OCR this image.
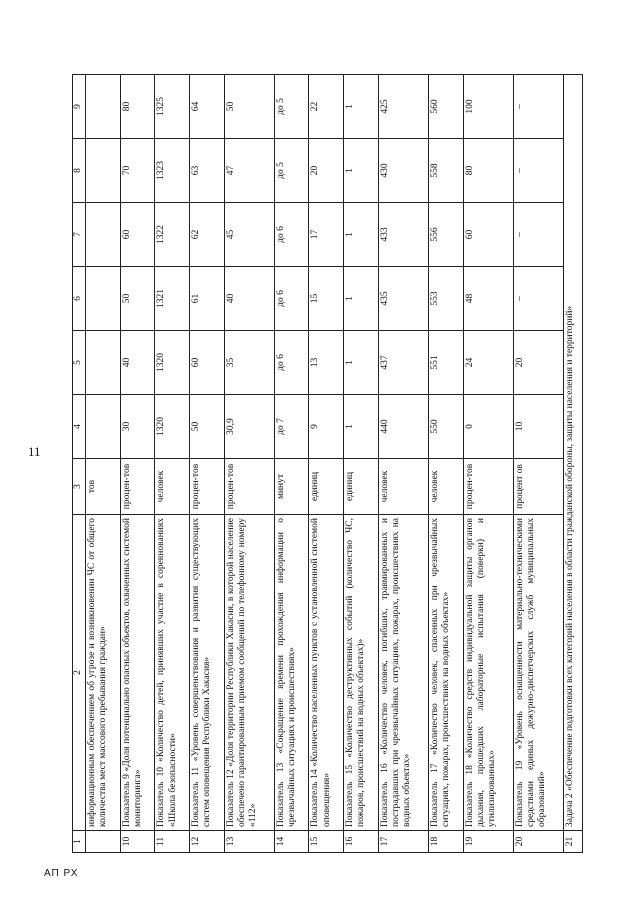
11
1	2	3	4	5	6	7	8	9
	информационным обеспечением об угрозе и возникновении ЧС от общего количества мест массового пребывания граждан»	тов						
10	Показатель 9 «Доля потенциально опасных объектов, охваченных системой мониторинга»	процен-тов	30	40	50	60	70	80
11	Показатель 10 «Количество детей, принявших участие в соревнованиях «Школа безопасности»	человек	1320	1320	1321	1322	1323	1325
12	Показатель 11 «Уровень совершенствования и развития существующих систем оповещения Республики Хакасия»	процен-тов	50	60	61	62	63	64
13	Показатель 12 «Доля территории Республики Хакасия, в которой население обеспечено гарантированным приемом сообщений по телефонному номеру «112»	процен-тов	30,9	35	40	45	47	50
14	Показатель 13 «Сокращение времени прохождения информации о чрезвычайных ситуациях и происшествиях»	минут	до 7	до 6	до 6	до 6	до 5	до 5
15	Показатель 14 «Количество населенных пунктов с установленной системой оповещения»	единиц	9	13	15	17	20	22
16	Показатель 15 «Количество деструктивных событий (количество ЧС, пожаров, происшествий на водных объектах)»	единиц	1	1	1	1	1	1
17	Показатель 16 «Количество человек, погибших, травмированных и пострадавших при чрезвычайных ситуациях, пожарах, происшествиях на водных объектах»	человек	440	437	435	433	430	425
18	Показатель 17 «Количество человек, спасенных при чрезвычайных ситуациях, пожарах, происшествиях на водных объектах»	человек	550	551	553	556	558	560
19	Показатель 18 «Количество средств индивидуальной защиты органов дыхания, прошедших лабораторные испытания (поверки) и утилизированных»	процен-тов	0	24	48	60	80	100
20	Показатель 19 «Уровень оснащенности материально-техническими средствами единых дежурно-диспетчерских служб муниципальных образований»	процент ов	10	20	–	–	–	–
21	Задача 2 «Обеспечение подготовки всех категорий населения в области гражданской обороны, защиты населения и территорий»							
АП РХ
